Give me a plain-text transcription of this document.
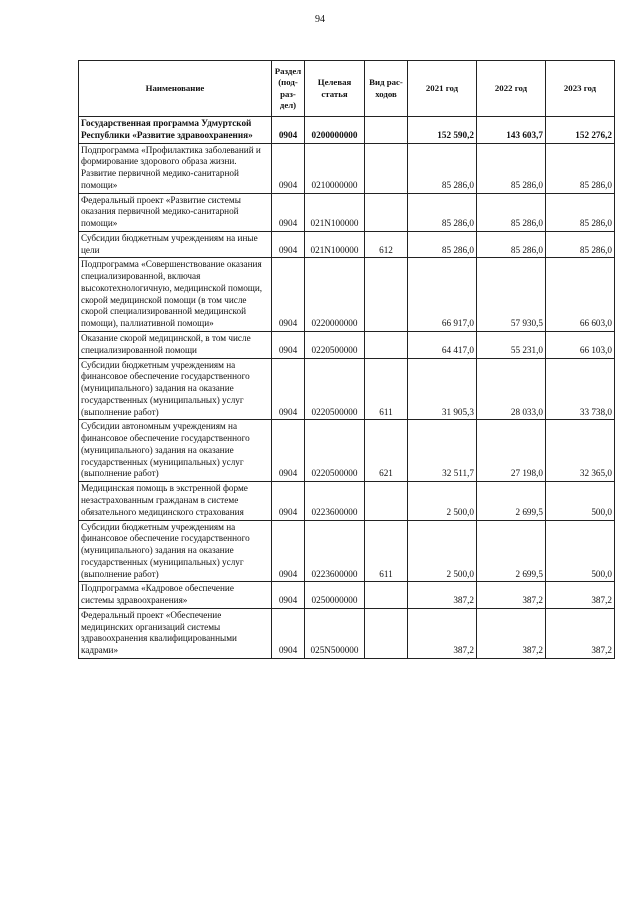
94
Наименование	Раздел (под-раз-дел)	Целевая статья	Вид рас-ходов	2021 год	2022 год	2023 год
Государственная программа Удмуртской Республики «Развитие здравоохранения»	0904	0200000000		152 590,2	143 603,7	152 276,2
Подпрограмма «Профилактика заболеваний и формирование здорового образа жизни. Развитие первичной медико-санитарной помощи»	0904	0210000000		85 286,0	85 286,0	85 286,0
Федеральный проект «Развитие системы оказания первичной медико-санитарной помощи»	0904	021N100000		85 286,0	85 286,0	85 286,0
Субсидии бюджетным учреждениям на иные цели	0904	021N100000	612	85 286,0	85 286,0	85 286,0
Подпрограмма «Совершенствование оказания специализированной, включая высокотехнологичную, медицинской помощи, скорой медицинской помощи (в том числе скорой специализированной медицинской помощи), паллиативной помощи»	0904	0220000000		66 917,0	57 930,5	66 603,0
Оказание скорой медицинской, в том числе специализированной помощи	0904	0220500000		64 417,0	55 231,0	66 103,0
Субсидии бюджетным учреждениям на финансовое обеспечение государственного (муниципального) задания на оказание государственных (муниципальных) услуг (выполнение работ)	0904	0220500000	611	31 905,3	28 033,0	33 738,0
Субсидии автономным учреждениям на финансовое обеспечение государственного (муниципального) задания на оказание государственных (муниципальных) услуг (выполнение работ)	0904	0220500000	621	32 511,7	27 198,0	32 365,0
Медицинская помощь в экстренной форме незастрахованным гражданам в системе обязательного медицинского страхования	0904	0223600000		2 500,0	2 699,5	500,0
Субсидии бюджетным учреждениям на финансовое обеспечение государственного (муниципального) задания на оказание государственных (муниципальных) услуг (выполнение работ)	0904	0223600000	611	2 500,0	2 699,5	500,0
Подпрограмма «Кадровое обеспечение системы здравоохранения»	0904	0250000000		387,2	387,2	387,2
Федеральный проект «Обеспечение медицинских организаций системы здравоохранения квалифицированными кадрами»	0904	025N500000		387,2	387,2	387,2
